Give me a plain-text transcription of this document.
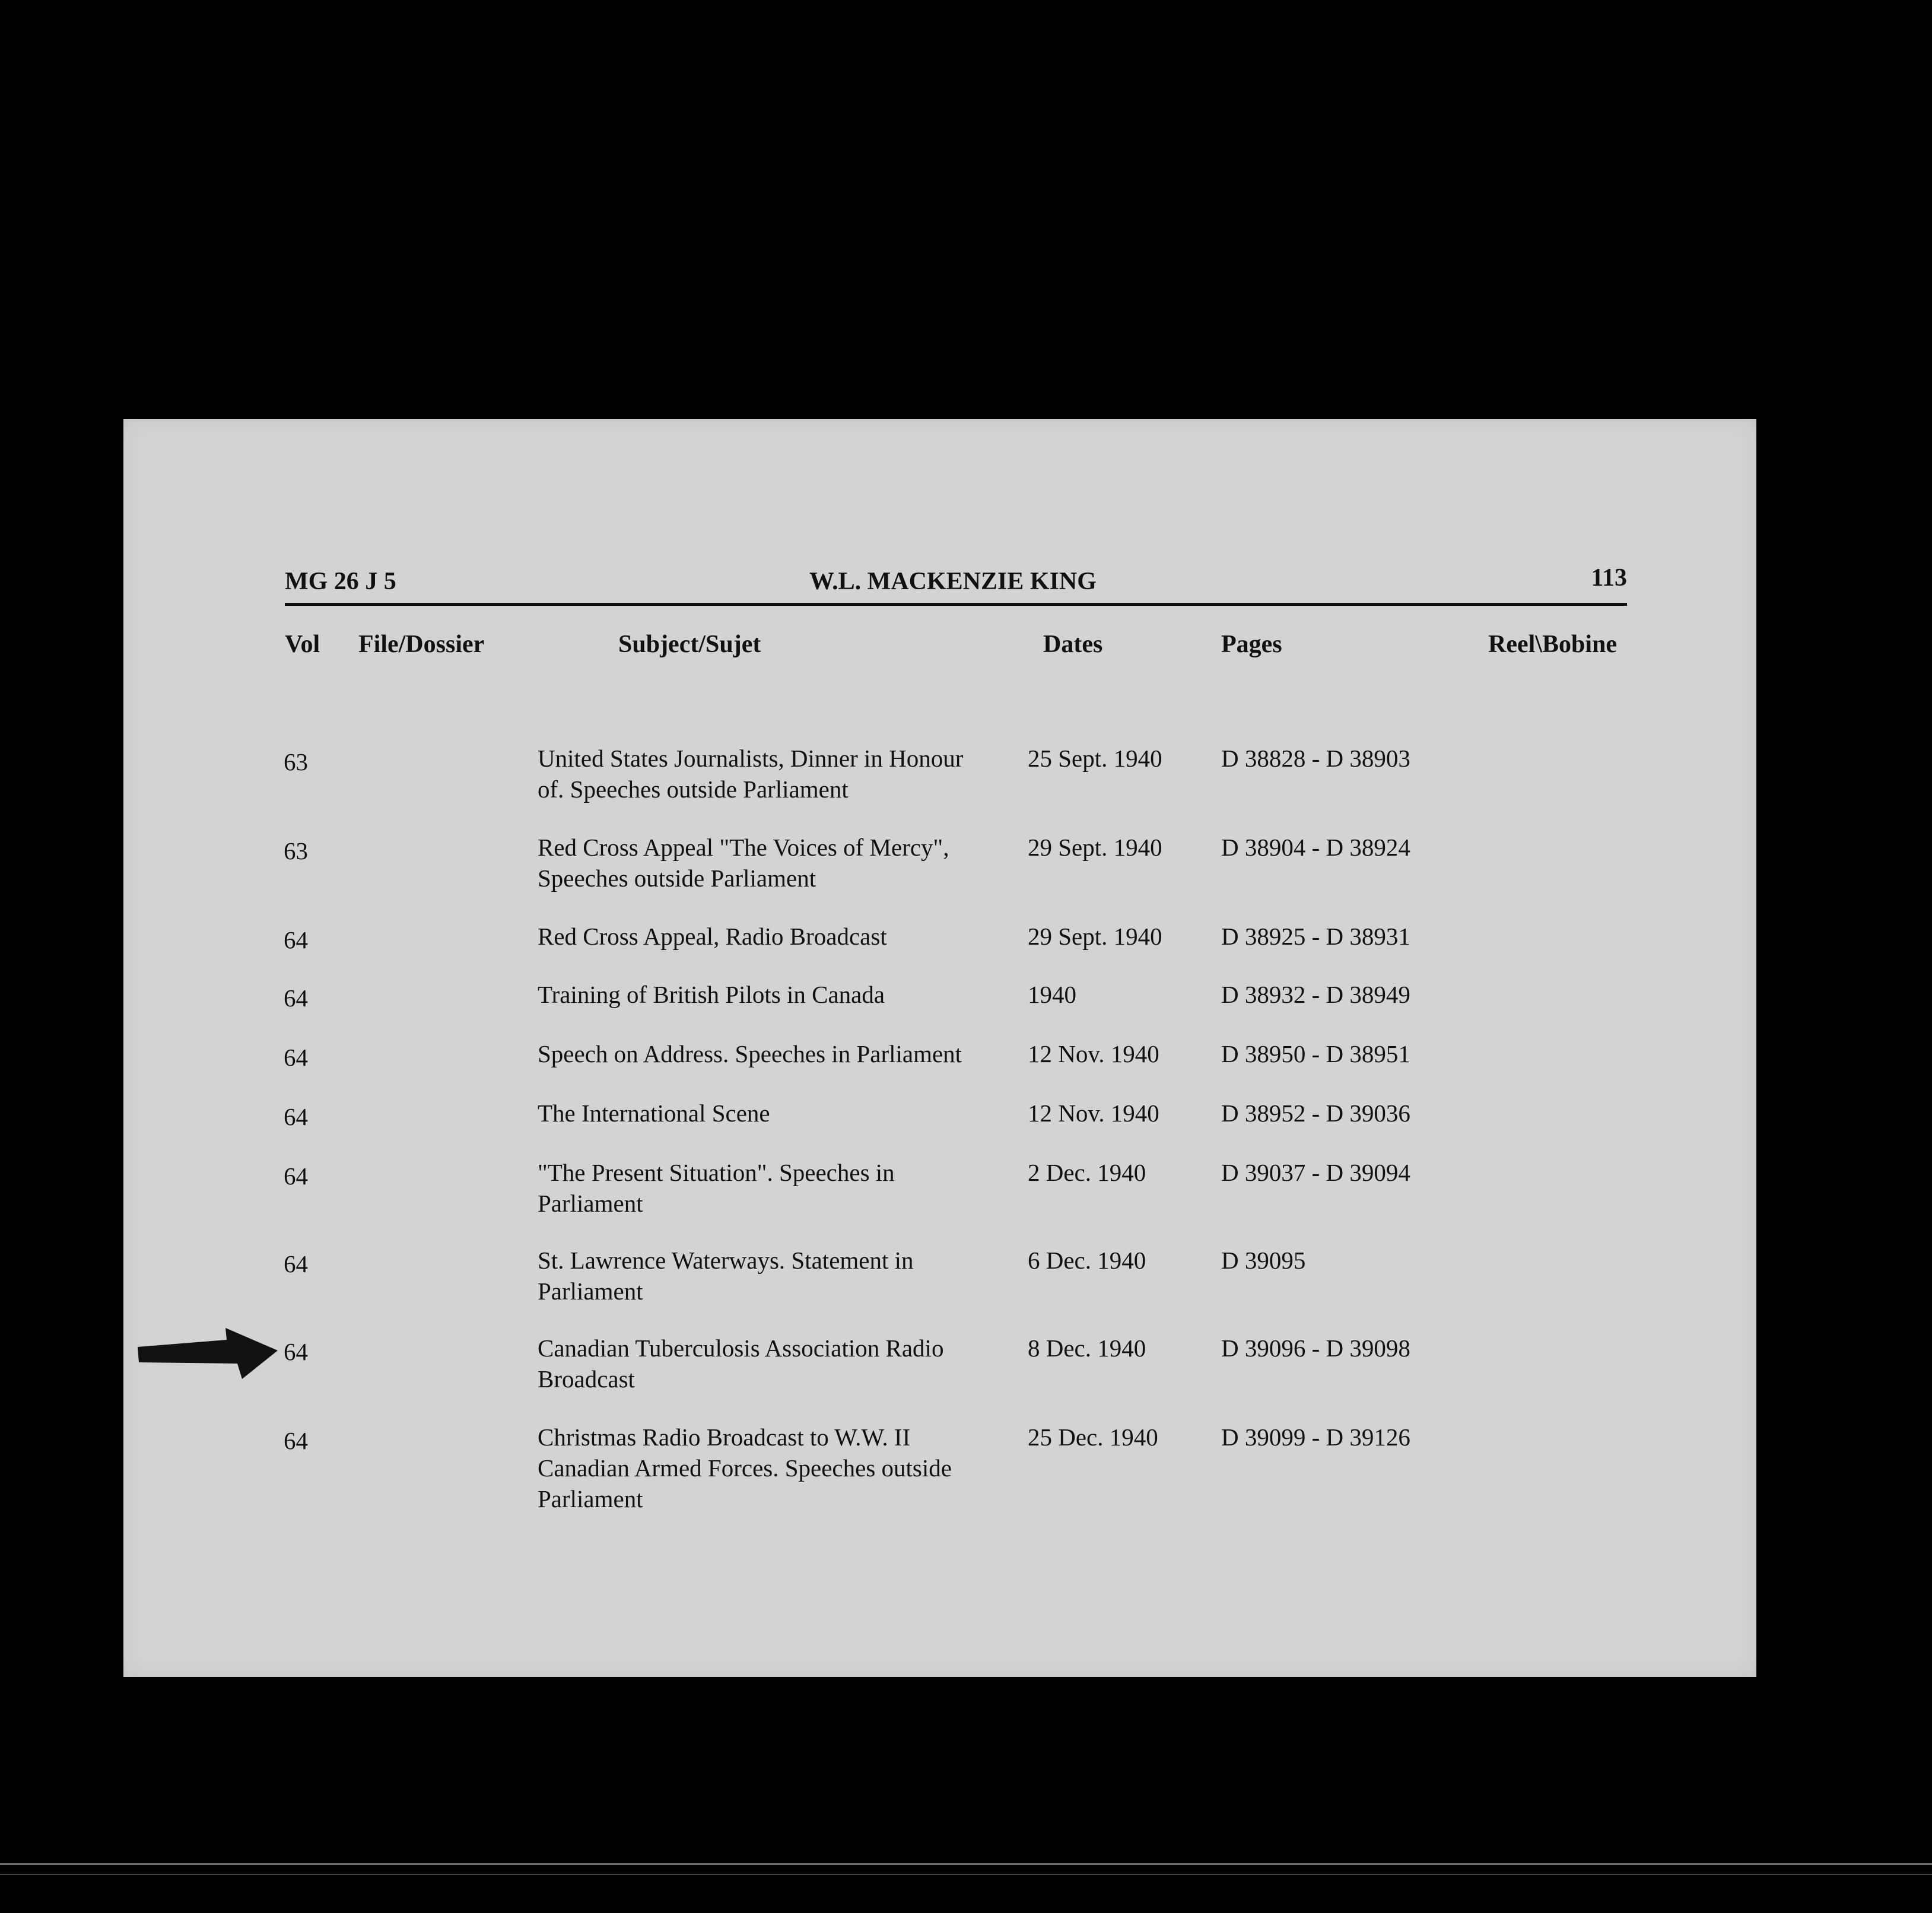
MG 26 J 5	W.L. MACKENZIE KING	113
Vol File/Dossier	Subject/Sujet	Dates	Pages	Reel\Bobine
63	United States Journalists, Dinner in Honour
of. Speeches outside Parliament
25 Sept. 1940 D 38828 - D 38903
63	Red Cross Appeal "The Voices of Mercy",
Speeches outside Parliament
29 Sept. 1940 D 38904 - D 38924
64	Red Cross Appeal, Radio Broadcast	29 Sept. 1940 D 38925 - D 38931
64	Training of British Pilots in Canada	1940	D 38932 - D 38949
64	Speech on Address. Speeches in Parliament	12 Nov. 1940	D 38950 - D 38951
64	The International Scene	12 Nov. 1940	D 38952 - D 39036
64	"The Present Situation". Speeches in
Parliament
2 Dec. 1940	D 39037 - D 39094
64	St. Lawrence Waterways. Statement in
Parliament
6 Dec. 1940	D 39095
64	Canadian Tuberculosis Association Radio
Broadcast
8 Dec. 1940	D 39096 - D 39098
64	Christmas Radio Broadcast to W.W. II
Canadian Armed Forces. Speeches outside
Parliament
25 Dec. 1940	D 39099 - D 39126
